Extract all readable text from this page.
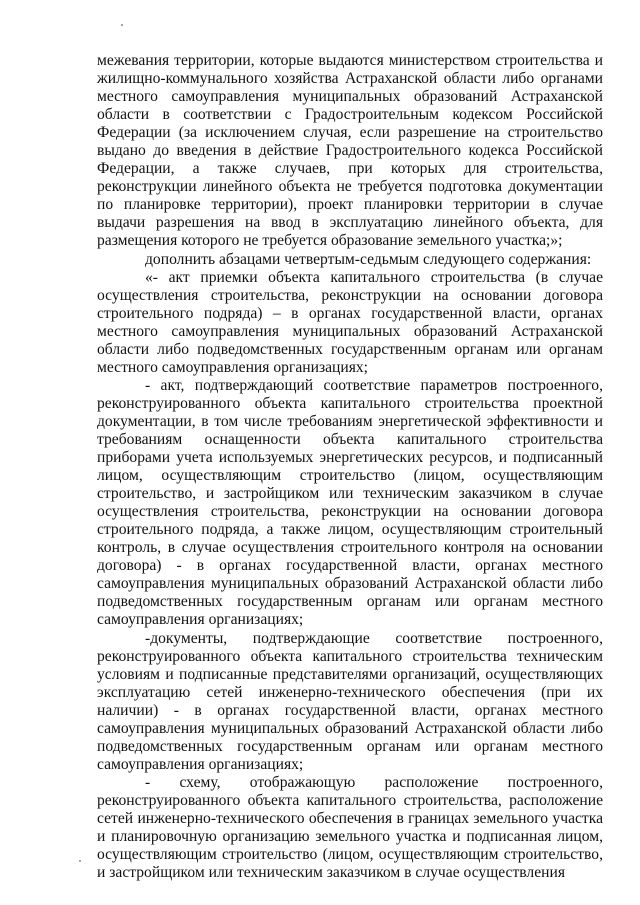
межевания территории, которые выдаются министерством строительства и жилищно-коммунального хозяйства Астраханской области либо органами местного самоуправления муниципальных образований Астраханской области в соответствии с Градостроительным кодексом Российской Федерации (за исключением случая, если разрешение на строительство выдано до введения в действие Градостроительного кодекса Российской Федерации, а также случаев, при которых для строительства, реконструкции линейного объекта не требуется подготовка документации по планировке территории), проект планировки территории в случае выдачи разрешения на ввод в эксплуатацию линейного объекта, для размещения которого не требуется образование земельного участка;»;

дополнить абзацами четвертым-седьмым следующего содержания:

«- акт приемки объекта капитального строительства (в случае осуществления строительства, реконструкции на основании договора строительного подряда) – в органах государственной власти, органах местного самоуправления муниципальных образований Астраханской области либо подведомственных государственным органам или органам местного самоуправления организациях;

- акт, подтверждающий соответствие параметров построенного, реконструированного объекта капитального строительства проектной документации, в том числе требованиям энергетической эффективности и требованиям оснащенности объекта капитального строительства приборами учета используемых энергетических ресурсов, и подписанный лицом, осуществляющим строительство (лицом, осуществляющим строительство, и застройщиком или техническим заказчиком в случае осуществления строительства, реконструкции на основании договора строительного подряда, а также лицом, осуществляющим строительный контроль, в случае осуществления строительного контроля на основании договора) - в органах государственной власти, органах местного самоуправления муниципальных образований Астраханской области либо подведомственных государственным органам или органам местного самоуправления организациях;

-документы, подтверждающие соответствие построенного, реконструированного объекта капитального строительства техническим условиям и подписанные представителями организаций, осуществляющих эксплуатацию сетей инженерно-технического обеспечения (при их наличии) - в органах государственной власти, органах местного самоуправления муниципальных образований Астраханской области либо подведомственных государственным органам или органам местного самоуправления организациях;

- схему, отображающую расположение построенного, реконструированного объекта капитального строительства, расположение сетей инженерно-технического обеспечения в границах земельного участка и планировочную организацию земельного участка и подписанная лицом, осуществляющим строительство (лицом, осуществляющим строительство, и застройщиком или техническим заказчиком в случае осуществления
